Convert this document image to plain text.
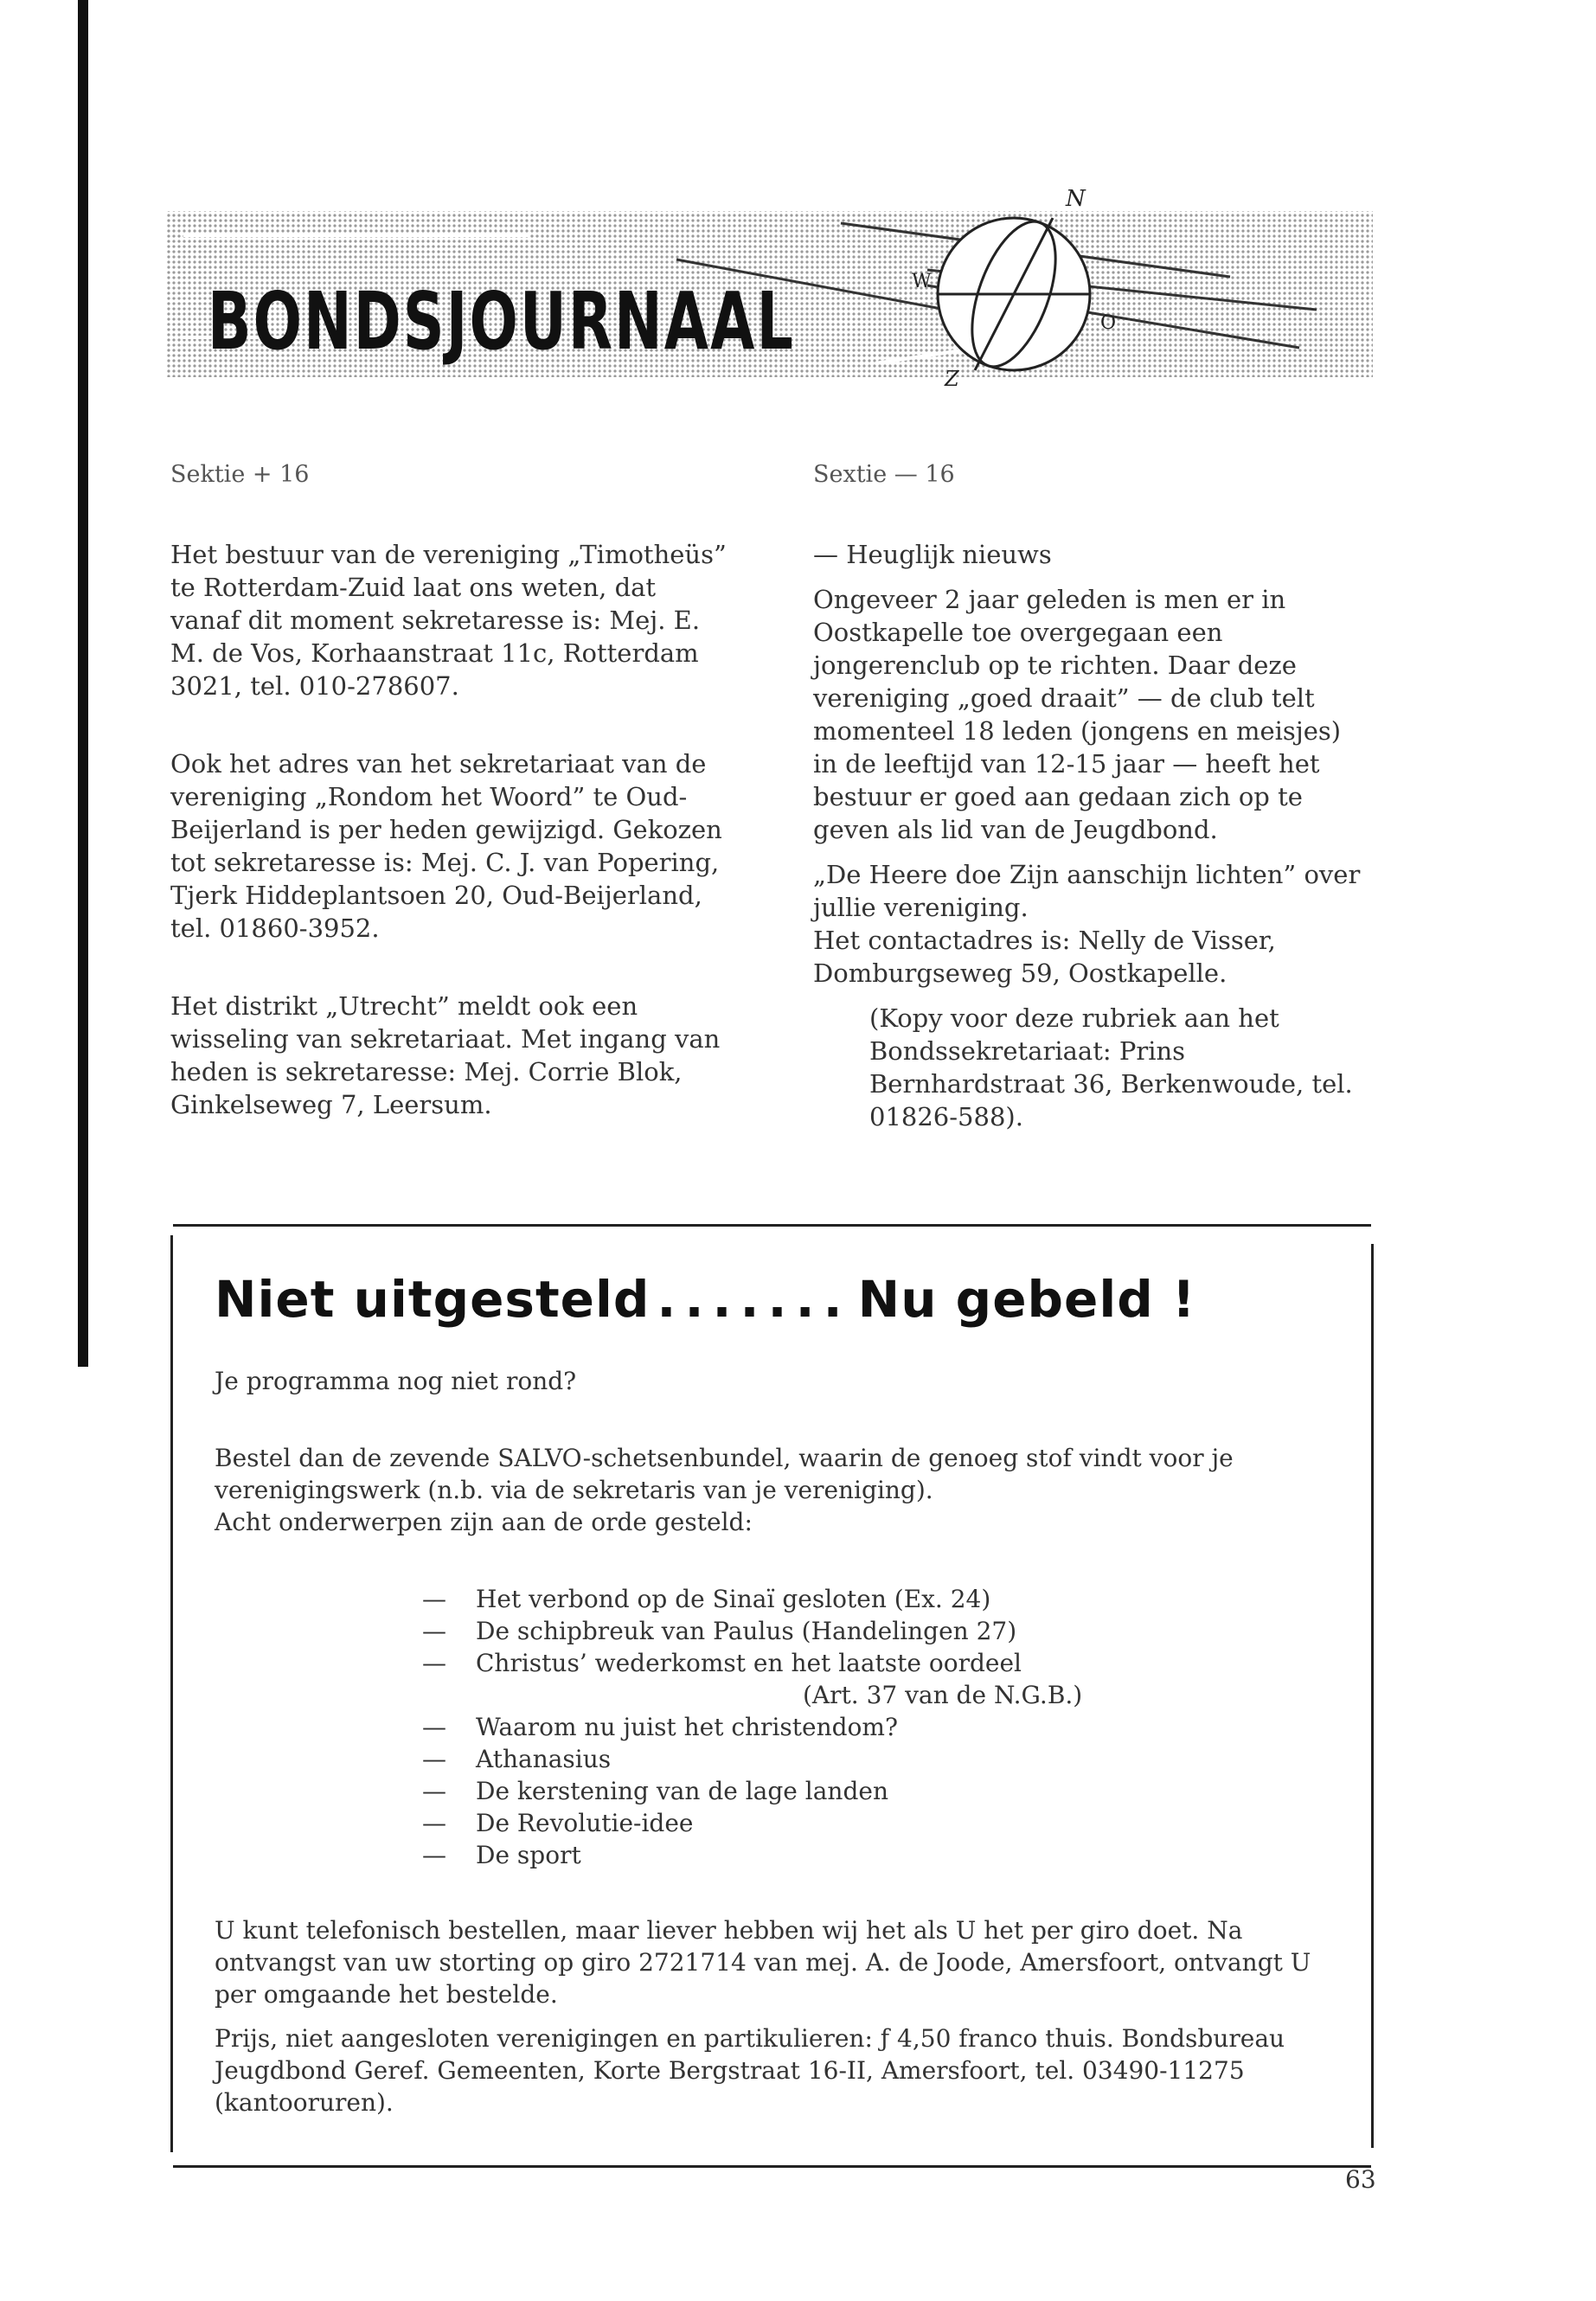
N
W
O
Z
BONDSJOURNAAL

Sektie + 16

Het bestuur van de vereniging „Timotheüs” te Rotterdam-Zuid laat ons weten, dat vanaf dit moment sekretaresse is: Mej. E. M. de Vos, Korhaanstraat 11c, Rotterdam 3021, tel. 010-278607.

Ook het adres van het sekretariaat van de vereniging „Rondom het Woord” te Oud-Beijerland is per heden gewijzigd. Gekozen tot sekretaresse is: Mej. C. J. van Popering, Tjerk Hiddeplantsoen 20, Oud-Beijerland, tel. 01860-3952.

Het distrikt „Utrecht” meldt ook een wisseling van sekretariaat. Met ingang van heden is sekretaresse: Mej. Corrie Blok, Ginkelseweg 7, Leersum.

Sextie — 16

— Heuglijk nieuws

Ongeveer 2 jaar geleden is men er in Oostkapelle toe overgegaan een jongerenclub op te richten. Daar deze vereniging „goed draait” — de club telt momenteel 18 leden (jongens en meisjes) in de leeftijd van 12-15 jaar — heeft het bestuur er goed aan gedaan zich op te geven als lid van de Jeugdbond.

„De Heere doe Zijn aanschijn lichten” over jullie vereniging.

Het contactadres is: Nelly de Visser, Domburgseweg 59, Oostkapelle.

(Kopy voor deze rubriek aan het Bondssekretariaat: Prins Bernhardstraat 36, Berkenwoude, tel. 01826-588).

Niet uitgesteld ....... Nu gebeld !

Je programma nog niet rond?

Bestel dan de zevende SALVO-schetsenbundel, waarin de genoeg stof vindt voor je verenigingswerk (n.b. via de sekretaris van je vereniging).

Acht onderwerpen zijn aan de orde gesteld:

—	Het verbond op de Sinaï gesloten (Ex. 24)
—	De schipbreuk van Paulus (Handelingen 27)
—	Christus’ wederkomst en het laatste oordeel
(Art. 37 van de N.G.B.)
—	Waarom nu juist het christendom?
—	Athanasius
—	De kerstening van de lage landen
—	De Revolutie-idee
—	De sport

U kunt telefonisch bestellen, maar liever hebben wij het als U het per giro doet. Na ontvangst van uw storting op giro 2721714 van mej. A. de Joode, Amersfoort, ontvangt U per omgaande het bestelde.

Prijs, niet aangesloten verenigingen en partikulieren: ƒ 4,50 franco thuis. Bondsbureau Jeugdbond Geref. Gemeenten, Korte Bergstraat 16-II, Amersfoort, tel. 03490-11275 (kantooruren).

63
